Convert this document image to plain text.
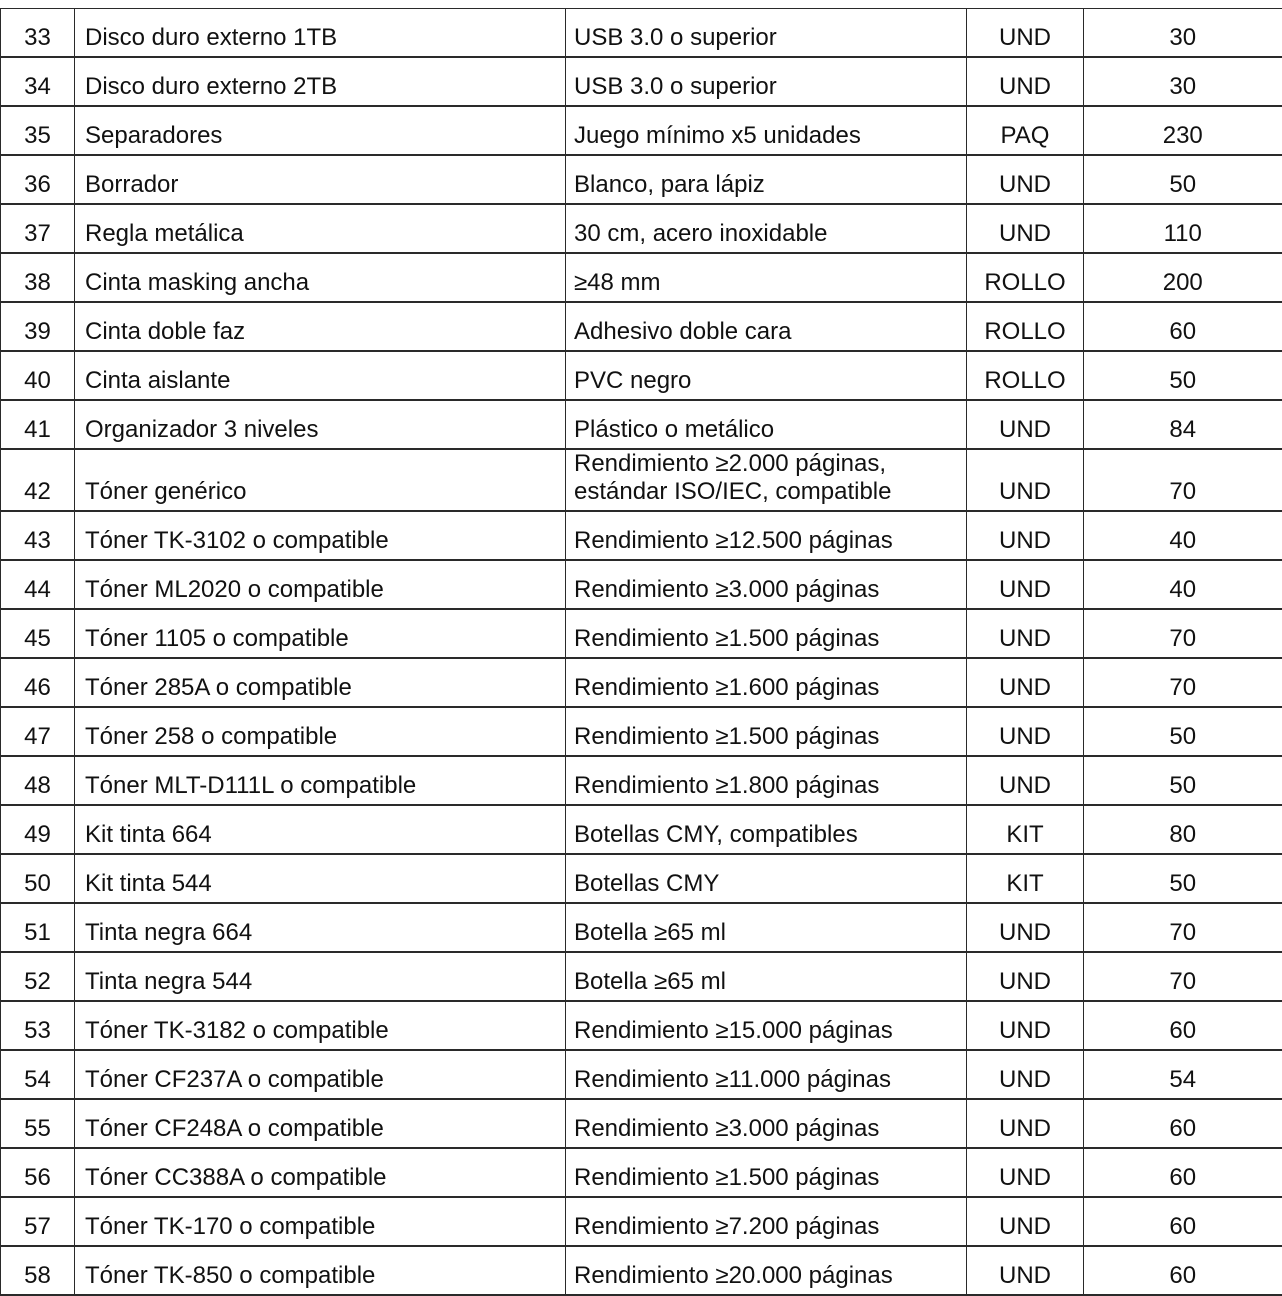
33	Disco duro externo 1TB	USB 3.0 o superior	UND	30
34	Disco duro externo 2TB	USB 3.0 o superior	UND	30
35	Separadores	Juego mínimo x5 unidades	PAQ	230
36	Borrador	Blanco, para lápiz	UND	50
37	Regla metálica	30 cm, acero inoxidable	UND	110
38	Cinta masking ancha	≥48 mm	ROLLO	200
39	Cinta doble faz	Adhesivo doble cara	ROLLO	60
40	Cinta aislante	PVC negro	ROLLO	50
41	Organizador 3 niveles	Plástico o metálico	UND	84
42	Tóner genérico	Rendimiento ≥2.000 páginas, estándar ISO/IEC, compatible	UND	70
43	Tóner TK-3102 o compatible	Rendimiento ≥12.500 páginas	UND	40
44	Tóner ML2020 o compatible	Rendimiento ≥3.000 páginas	UND	40
45	Tóner 1105 o compatible	Rendimiento ≥1.500 páginas	UND	70
46	Tóner 285A o compatible	Rendimiento ≥1.600 páginas	UND	70
47	Tóner 258 o compatible	Rendimiento ≥1.500 páginas	UND	50
48	Tóner MLT-D111L o compatible	Rendimiento ≥1.800 páginas	UND	50
49	Kit tinta 664	Botellas CMY, compatibles	KIT	80
50	Kit tinta 544	Botellas CMY	KIT	50
51	Tinta negra 664	Botella ≥65 ml	UND	70
52	Tinta negra 544	Botella ≥65 ml	UND	70
53	Tóner TK-3182 o compatible	Rendimiento ≥15.000 páginas	UND	60
54	Tóner CF237A o compatible	Rendimiento ≥11.000 páginas	UND	54
55	Tóner CF248A o compatible	Rendimiento ≥3.000 páginas	UND	60
56	Tóner CC388A o compatible	Rendimiento ≥1.500 páginas	UND	60
57	Tóner TK-170 o compatible	Rendimiento ≥7.200 páginas	UND	60
58	Tóner TK-850 o compatible	Rendimiento ≥20.000 páginas	UND	60
